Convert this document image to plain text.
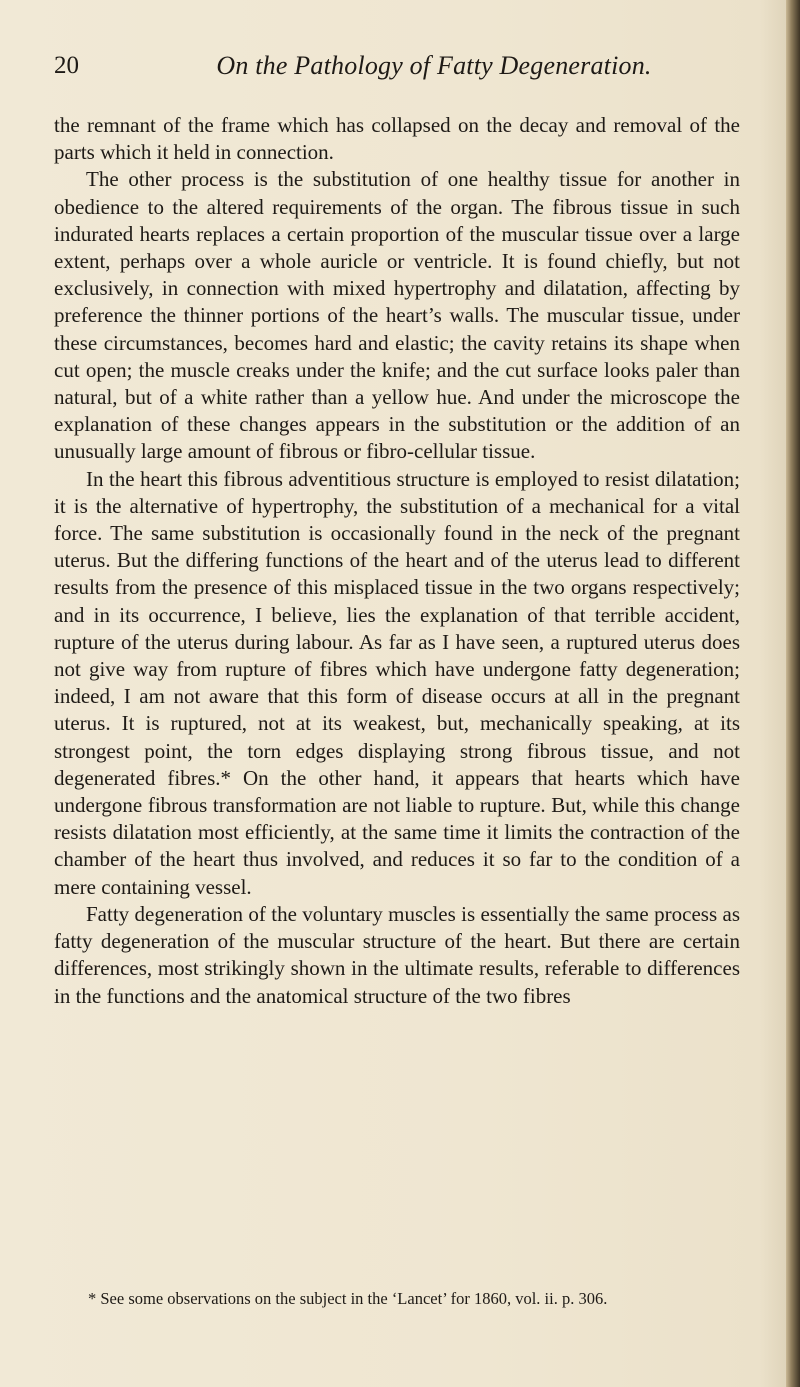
20	On the Pathology of Fatty Degeneration.

the remnant of the frame which has collapsed on the decay and removal of the parts which it held in connection.

The other process is the substitution of one healthy tissue for another in obedience to the altered requirements of the organ. The fibrous tissue in such indurated hearts replaces a certain proportion of the muscular tissue over a large extent, perhaps over a whole auricle or ventricle. It is found chiefly, but not exclusively, in connection with mixed hypertrophy and dilatation, affecting by preference the thinner portions of the heart’s walls. The muscular tissue, under these circumstances, becomes hard and elastic; the cavity retains its shape when cut open; the muscle creaks under the knife; and the cut surface looks paler than natural, but of a white rather than a yellow hue. And under the microscope the explanation of these changes appears in the substitution or the addition of an unusually large amount of fibrous or fibro-cellular tissue.

In the heart this fibrous adventitious structure is employed to resist dilatation; it is the alternative of hypertrophy, the substitution of a mechanical for a vital force. The same substitution is occasionally found in the neck of the pregnant uterus. But the differing functions of the heart and of the uterus lead to different results from the presence of this misplaced tissue in the two organs respectively; and in its occurrence, I believe, lies the explanation of that terrible accident, rupture of the uterus during labour. As far as I have seen, a ruptured uterus does not give way from rupture of fibres which have undergone fatty degeneration; indeed, I am not aware that this form of disease occurs at all in the pregnant uterus. It is ruptured, not at its weakest, but, mechanically speaking, at its strongest point, the torn edges displaying strong fibrous tissue, and not degenerated fibres.* On the other hand, it appears that hearts which have undergone fibrous transformation are not liable to rupture. But, while this change resists dilatation most efficiently, at the same time it limits the contraction of the chamber of the heart thus involved, and reduces it so far to the condition of a mere containing vessel.

Fatty degeneration of the voluntary muscles is essentially the same process as fatty degeneration of the muscular structure of the heart. But there are certain differences, most strikingly shown in the ultimate results, referable to differences in the functions and the anatomical structure of the two fibres

* See some observations on the subject in the ‘Lancet’ for 1860, vol. ii. p. 306.
